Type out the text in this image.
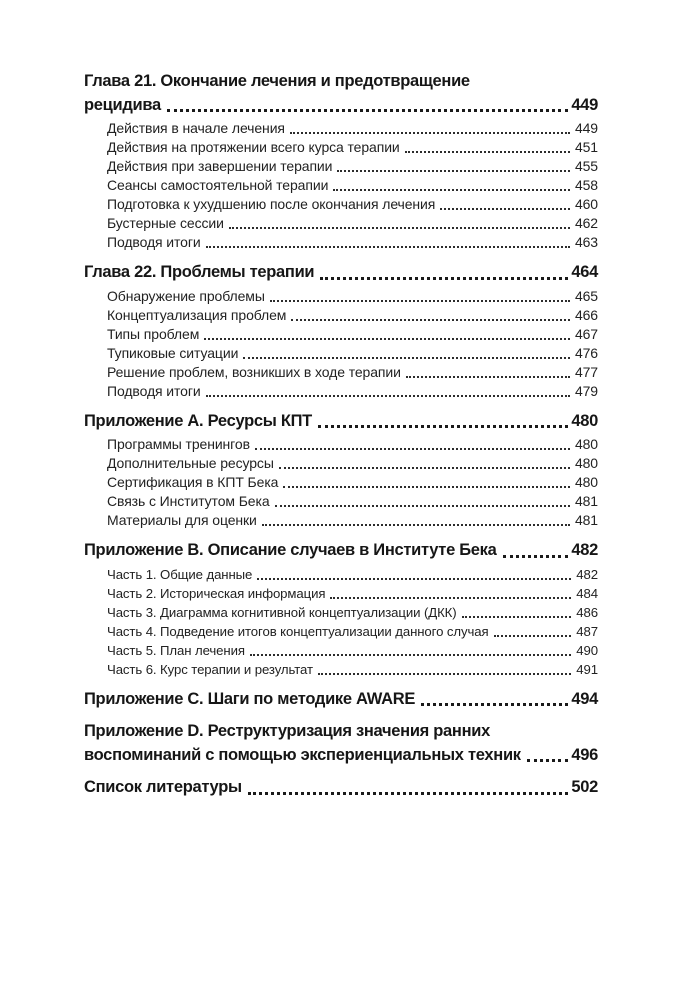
Глава 21. Окончание лечения и предотвращение
рецидива	449
Действия в начале лечения	449
Действия на протяжении всего курса терапии	451
Действия при завершении терапии	455
Сеансы самостоятельной терапии	458
Подготовка к ухудшению после окончания лечения	460
Бустерные сессии	462
Подводя итоги	463
Глава 22. Проблемы терапии	464
Обнаружение проблемы	465
Концептуализация проблем	466
Типы проблем	467
Тупиковые ситуации	476
Решение проблем, возникших в ходе терапии	477
Подводя итоги	479
Приложение A. Ресурсы КПТ	480
Программы тренингов	480
Дополнительные ресурсы	480
Сертификация в КПТ Бека	480
Связь с Институтом Бека	481
Материалы для оценки	481
Приложение B. Описание случаев в Институте Бека	482
Часть 1. Общие данные	482
Часть 2. Историческая информация	484
Часть 3. Диаграмма когнитивной концептуализации (ДКК)	486
Часть 4. Подведение итогов концептуализации данного случая	487
Часть 5. План лечения	490
Часть 6. Курс терапии и результат	491
Приложение C. Шаги по методике AWARE	494
Приложение D. Реструктуризация значения ранних
воспоминаний с помощью экспериенциальных техник	496
Список литературы	502
